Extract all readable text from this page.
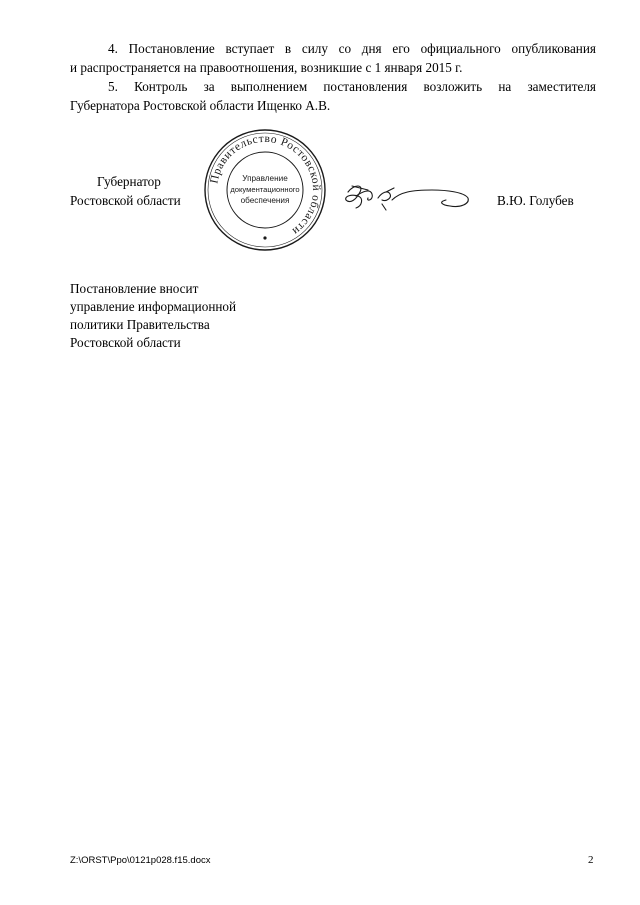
4. Постановление вступает в силу со дня его официального опубликования
и распространяется на правоотношения, возникшие с 1 января 2015 г.
5. Контроль за выполнением постановления возложить на заместителя
Губернатора Ростовской области Ищенко А.В.
Губернатор
Ростовской области
Правительство Ростовской области
Управление
документационного
обеспечения	В.Ю. Голубев
Постановление вносит
управление информационной
политики Правительства
Ростовской области
Z:\ORST\Ppo\0121p028.f15.docx	2
